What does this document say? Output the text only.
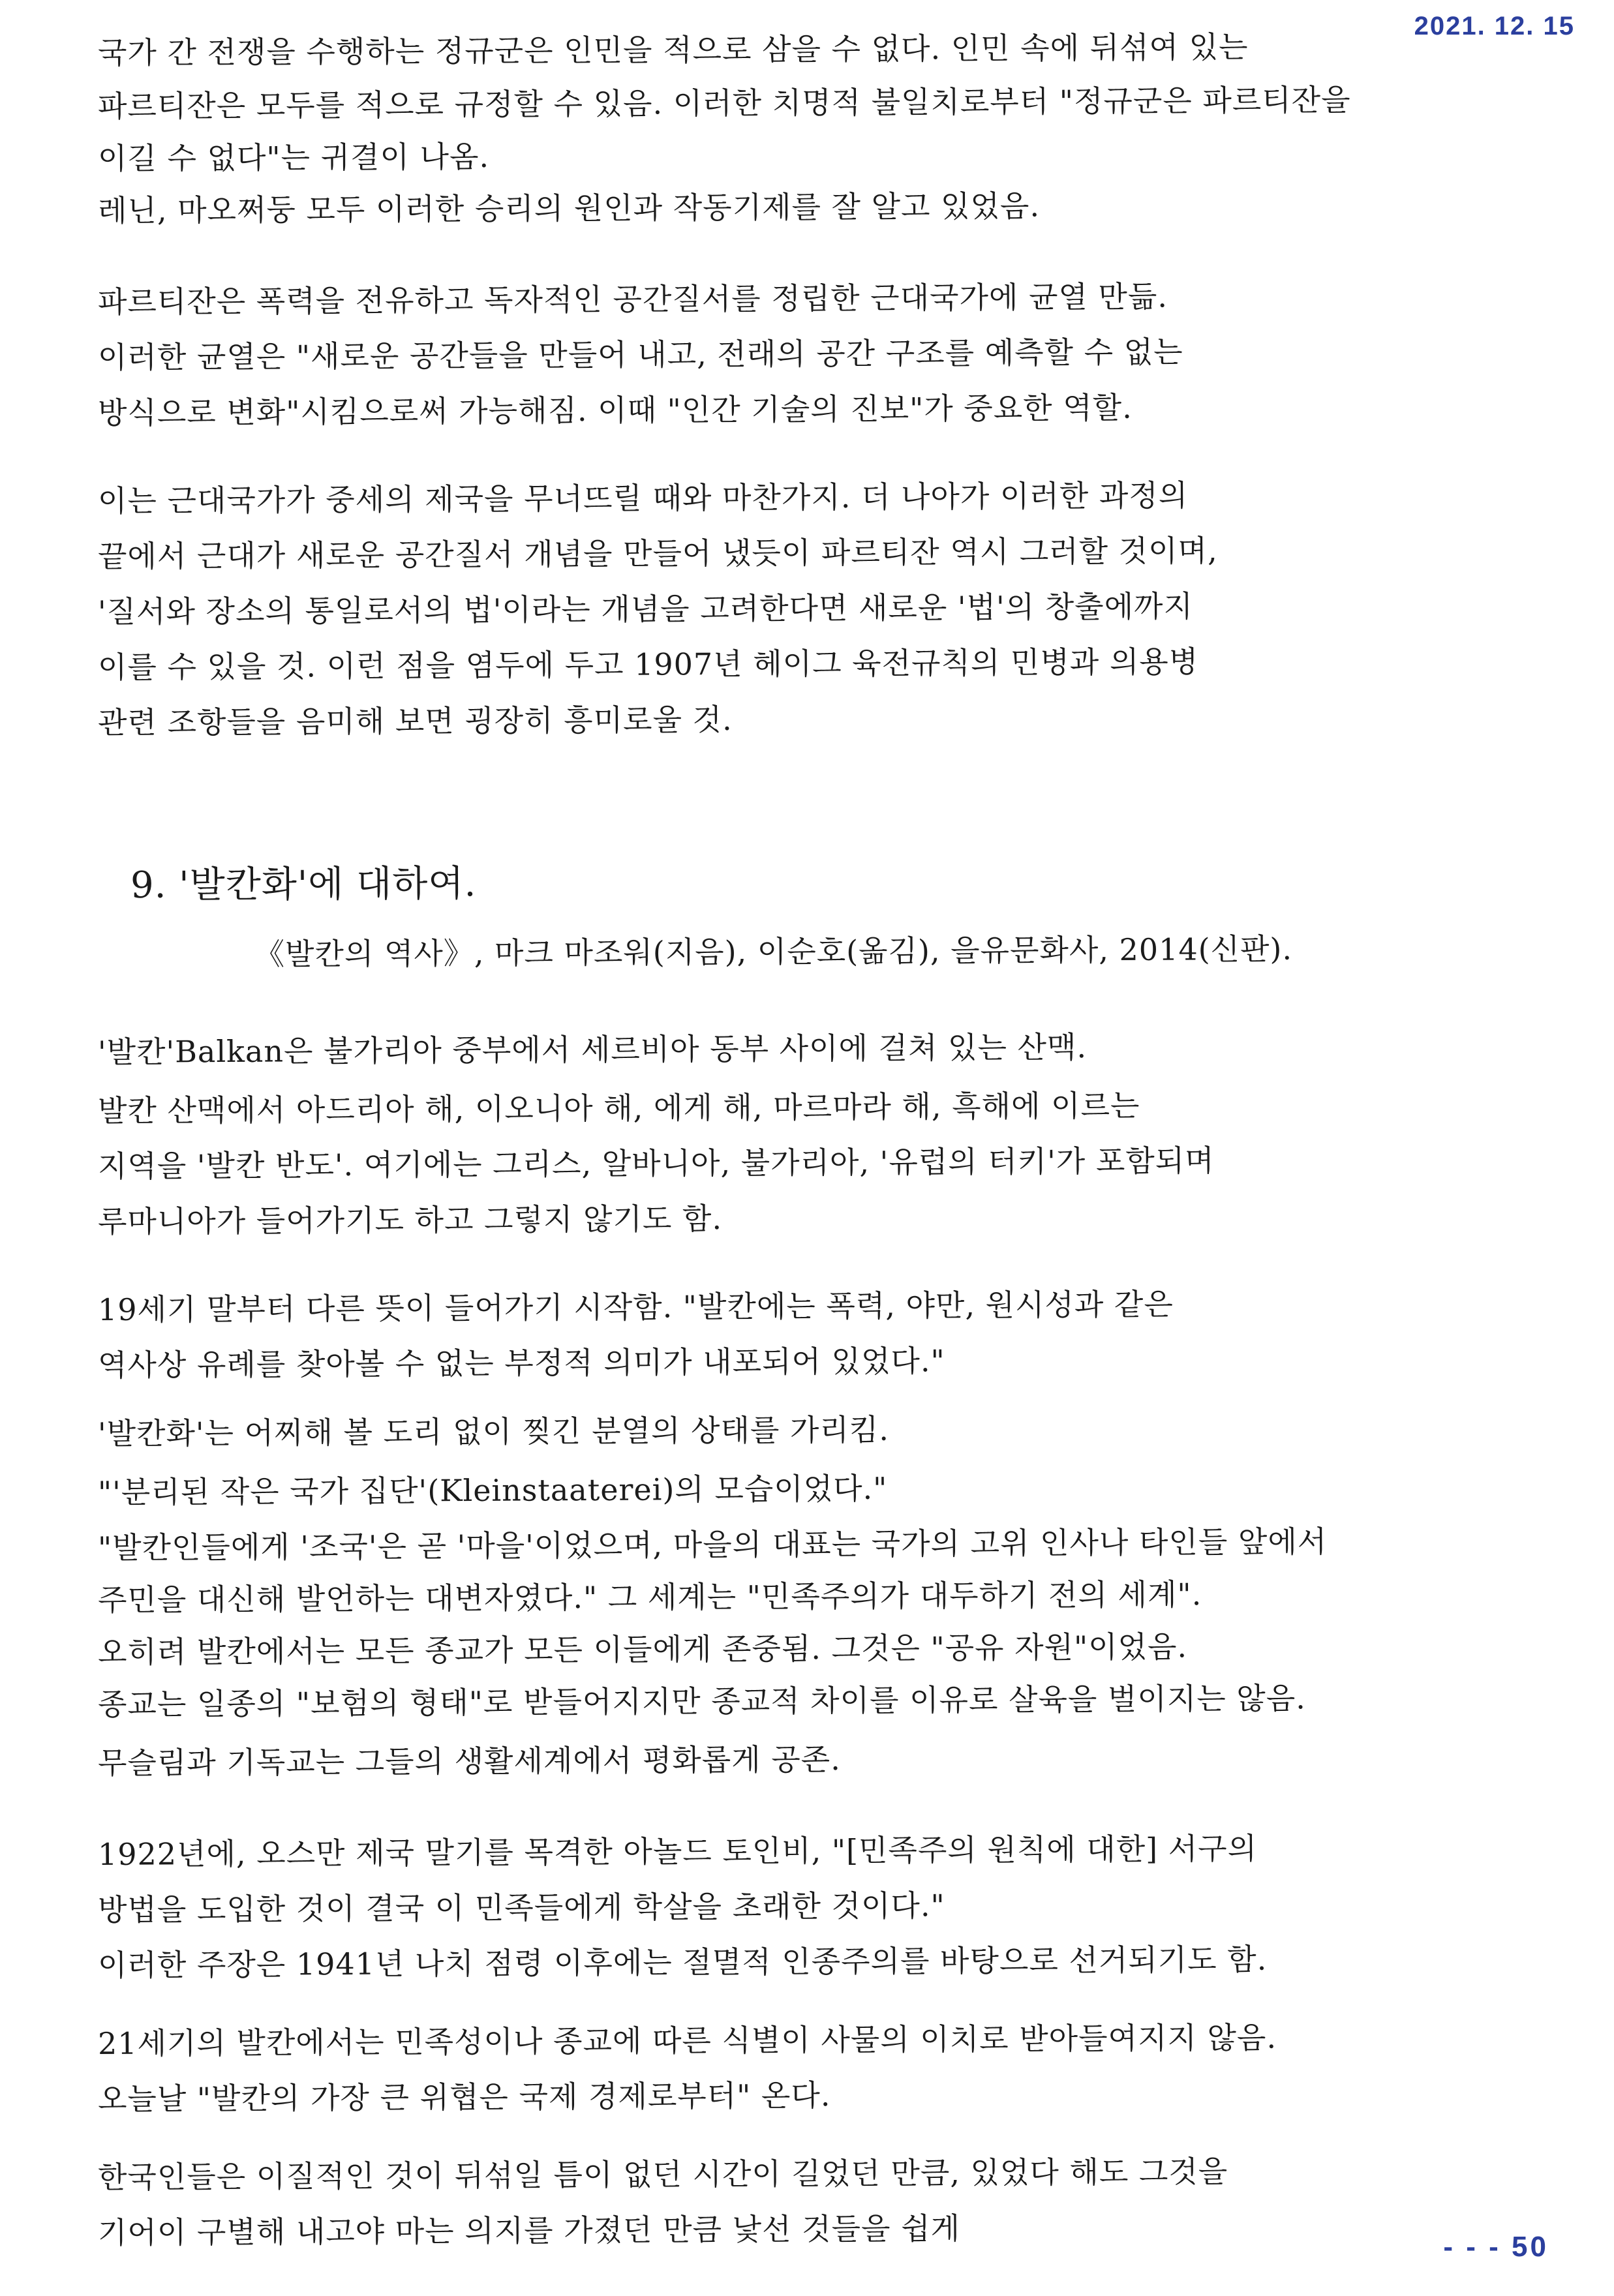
2021. 12. 15
국가 간 전쟁을 수행하는 정규군은 인민을 적으로 삼을 수 없다. 인민 속에 뒤섞여 있는
파르티잔은 모두를 적으로 규정할 수 있음. 이러한 치명적 불일치로부터 "정규군은 파르티잔을
이길 수 없다"는 귀결이 나옴.
레닌, 마오쩌둥 모두 이러한 승리의 원인과 작동기제를 잘 알고 있었음.
파르티잔은 폭력을 전유하고 독자적인 공간질서를 정립한 근대국가에 균열 만듦.
이러한 균열은 "새로운 공간들을 만들어 내고, 전래의 공간 구조를 예측할 수 없는
방식으로 변화"시킴으로써 가능해짐. 이때 "인간 기술의 진보"가 중요한 역할.
이는 근대국가가 중세의 제국을 무너뜨릴 때와 마찬가지. 더 나아가 이러한 과정의
끝에서 근대가 새로운 공간질서 개념을 만들어 냈듯이 파르티잔 역시 그러할 것이며,
'질서와 장소의 통일로서의 법'이라는 개념을 고려한다면 새로운 '법'의 창출에까지
이를 수 있을 것. 이런 점을 염두에 두고 1907년 헤이그 육전규칙의 민병과 의용병
관련 조항들을 음미해 보면 굉장히 흥미로울 것.
9. '발칸화'에 대하여.
《발칸의 역사》, 마크 마조워(지음), 이순호(옮김), 을유문화사, 2014(신판).
'발칸'Balkan은 불가리아 중부에서 세르비아 동부 사이에 걸쳐 있는 산맥.
발칸 산맥에서 아드리아 해, 이오니아 해, 에게 해, 마르마라 해, 흑해에 이르는
지역을 '발칸 반도'. 여기에는 그리스, 알바니아, 불가리아, '유럽의 터키'가 포함되며
루마니아가 들어가기도 하고 그렇지 않기도 함.
19세기 말부터 다른 뜻이 들어가기 시작함. "발칸에는 폭력, 야만, 원시성과 같은
역사상 유례를 찾아볼 수 없는 부정적 의미가 내포되어 있었다."
'발칸화'는 어찌해 볼 도리 없이 찢긴 분열의 상태를 가리킴.
"'분리된 작은 국가 집단'(Kleinstaaterei)의 모습이었다."
"발칸인들에게 '조국'은 곧 '마을'이었으며, 마을의 대표는 국가의 고위 인사나 타인들 앞에서
주민을 대신해 발언하는 대변자였다." 그 세계는 "민족주의가 대두하기 전의 세계".
오히려 발칸에서는 모든 종교가 모든 이들에게 존중됨. 그것은 "공유 자원"이었음.
종교는 일종의 "보험의 형태"로 받들어지지만 종교적 차이를 이유로 살육을 벌이지는 않음.
무슬림과 기독교는 그들의 생활세계에서 평화롭게 공존.
1922년에, 오스만 제국 말기를 목격한 아놀드 토인비, "[민족주의 원칙에 대한] 서구의
방법을 도입한 것이 결국 이 민족들에게 학살을 초래한 것이다."
이러한 주장은 1941년 나치 점령 이후에는 절멸적 인종주의를 바탕으로 선거되기도 함.
21세기의 발칸에서는 민족성이나 종교에 따른 식별이 사물의 이치로 받아들여지지 않음.
오늘날 "발칸의 가장 큰 위협은 국제 경제로부터" 온다.
한국인들은 이질적인 것이 뒤섞일 틈이 없던 시간이 길었던 만큼, 있었다 해도 그것을
기어이 구별해 내고야 마는 의지를 가졌던 만큼 낯선 것들을 쉽게	- - - 50
